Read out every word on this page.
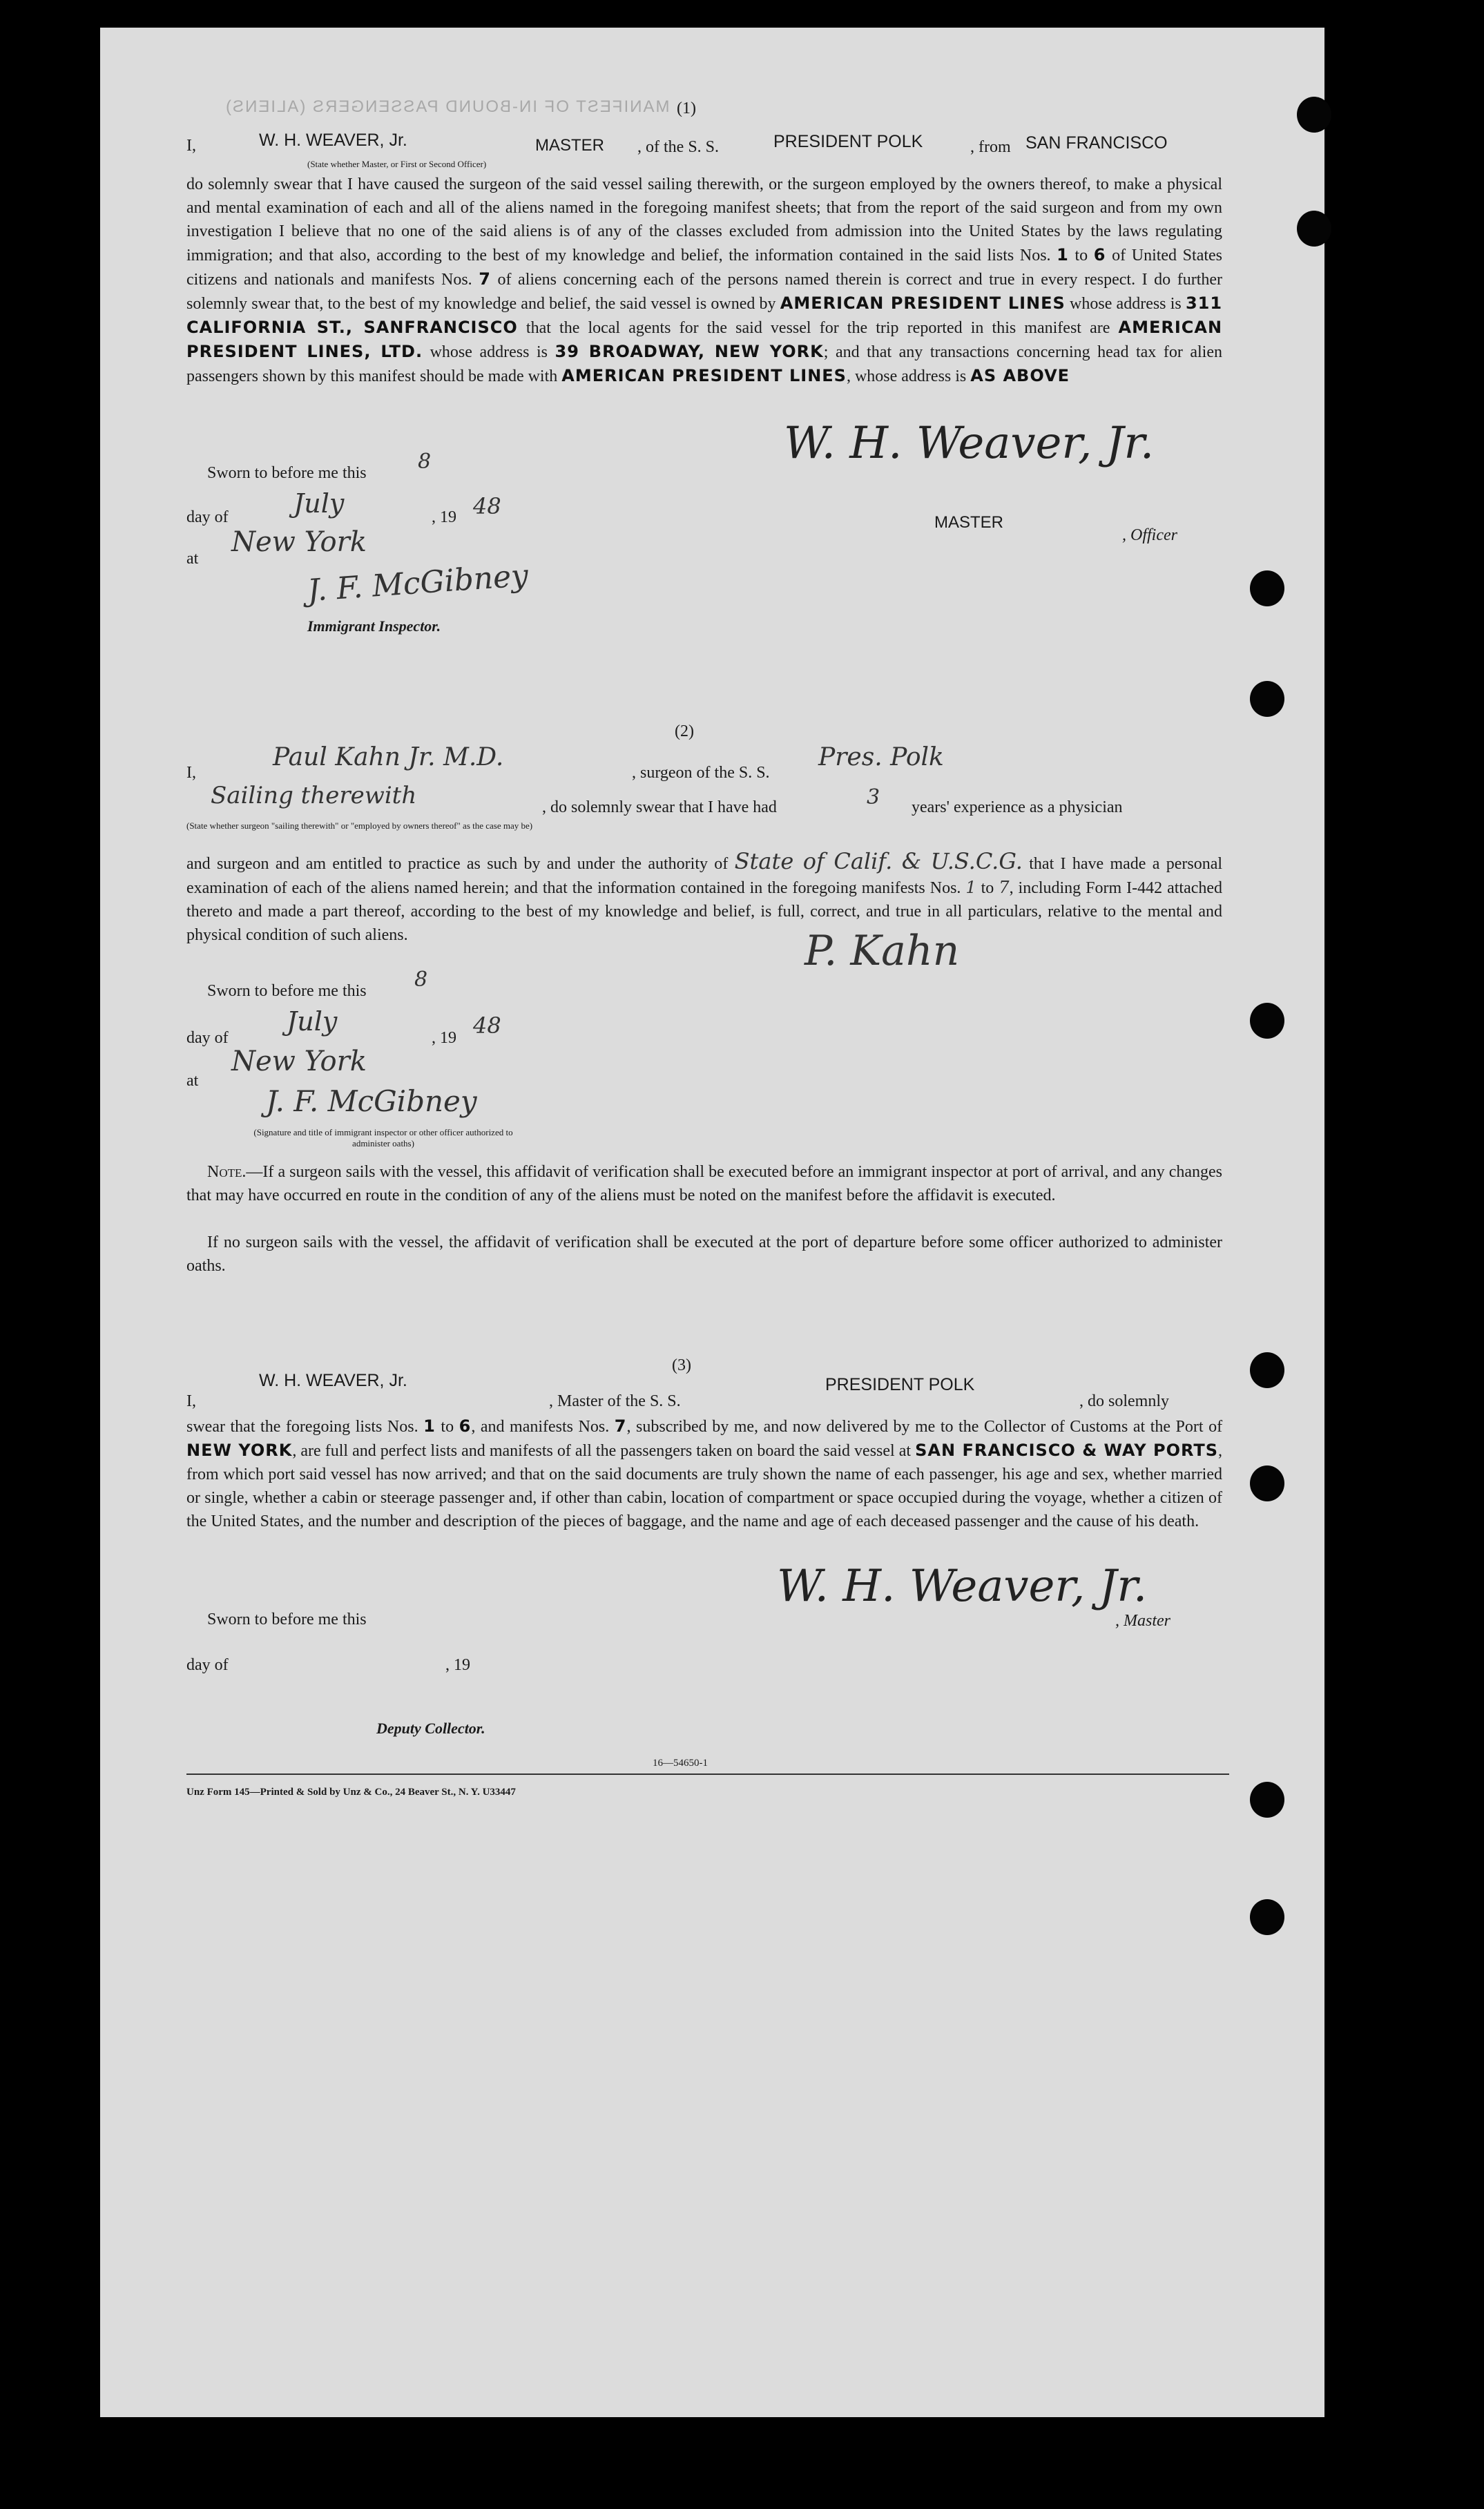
MANIFEST OF IN-BOUND PASSENGERS (ALIENS) (1)
I,	W. H. WEAVER, Jr.	MASTER , of the S. S.	PRESIDENT POLK	, from SAN FRANCISCO
(State whether Master, or First or Second Officer)
do solemnly swear that I have caused the surgeon of the said vessel sailing therewith, or the surgeon employed by the owners thereof, to make a physical and mental examination of each and all of the aliens named in the foregoing manifest sheets; that from the report of the said surgeon and from my own investigation I believe that no one of the said aliens is of any of the classes excluded from admission into the United States by the laws regulating immigration; and that also, according to the best of my knowledge and belief, the information contained in the said lists Nos. 1 to 6 of United States citizens and nationals and manifests Nos. 7 of aliens concerning each of the persons named therein is correct and true in every respect. I do further solemnly swear that, to the best of my knowledge and belief, the said vessel is owned by AMERICAN PRESIDENT LINES whose address is 311 CALIFORNIA ST., SANFRANCISCO that the local agents for the said vessel for the trip reported in this manifest are AMERICAN PRESIDENT LINES, LTD. whose address is 39 BROADWAY, NEW YORK; and that any transactions concerning head tax for alien passengers shown by this manifest should be made with AMERICAN PRESIDENT LINES, whose address is AS ABOVE
Sworn to before me this 8
day of July	, 19 48
at
New York
J. F. McGibney
Immigrant Inspector.
W. H. Weaver, Jr.
MASTER
, Officer
(2)
I,
Paul Kahn Jr. M.D.
, surgeon of the S. S.
Pres. Polk
Sailing therewith	, do solemnly swear that I have had	3 years' experience as a physician
(State whether surgeon "sailing therewith" or "employed by owners thereof" as the case may be)
and surgeon and am entitled to practice as such by and under the authority of State of Calif. & U.S.C.G. that I have made a personal examination of each of the aliens named herein; and that the information contained in the foregoing manifests Nos. 1 to 7, including Form I-442 attached thereto and made a part thereof, according to the best of my knowledge and belief, is full, correct, and true in all particulars, relative to the mental and physical condition of such aliens.
Sworn to before me this 8
P. Kahn
day of
July
, 19 48
at
New York
J. F. McGibney
(Signature and title of immigrant inspector or other officer authorized to administer oaths)
Note.—If a surgeon sails with the vessel, this affidavit of verification shall be executed before an immigrant inspector at port of arrival, and any changes that may have occurred en route in the condition of any of the aliens must be noted on the manifest before the affidavit is executed.
If no surgeon sails with the vessel, the affidavit of verification shall be executed at the port of departure before some officer authorized to administer oaths.
(3)
I,
W. H. WEAVER, Jr.
, Master of the S. S.
PRESIDENT POLK
, do solemnly
swear that the foregoing lists Nos. 1 to 6, and manifests Nos. 7, subscribed by me, and now delivered by me to the Collector of Customs at the Port of NEW YORK, are full and perfect lists and manifests of all the passengers taken on board the said vessel at SAN FRANCISCO & WAY PORTS, from which port said vessel has now arrived; and that on the said documents are truly shown the name of each passenger, his age and sex, whether married or single, whether a cabin or steerage passenger and, if other than cabin, location of compartment or space occupied during the voyage, whether a citizen of the United States, and the number and description of the pieces of baggage, and the name and age of each deceased passenger and the cause of his death.
Sworn to before me this
W. H. Weaver, Jr.
, Master
day of	, 19
Deputy Collector.
16—54650-1
Unz Form 145—Printed & Sold by Unz & Co., 24 Beaver St., N. Y. U33447
